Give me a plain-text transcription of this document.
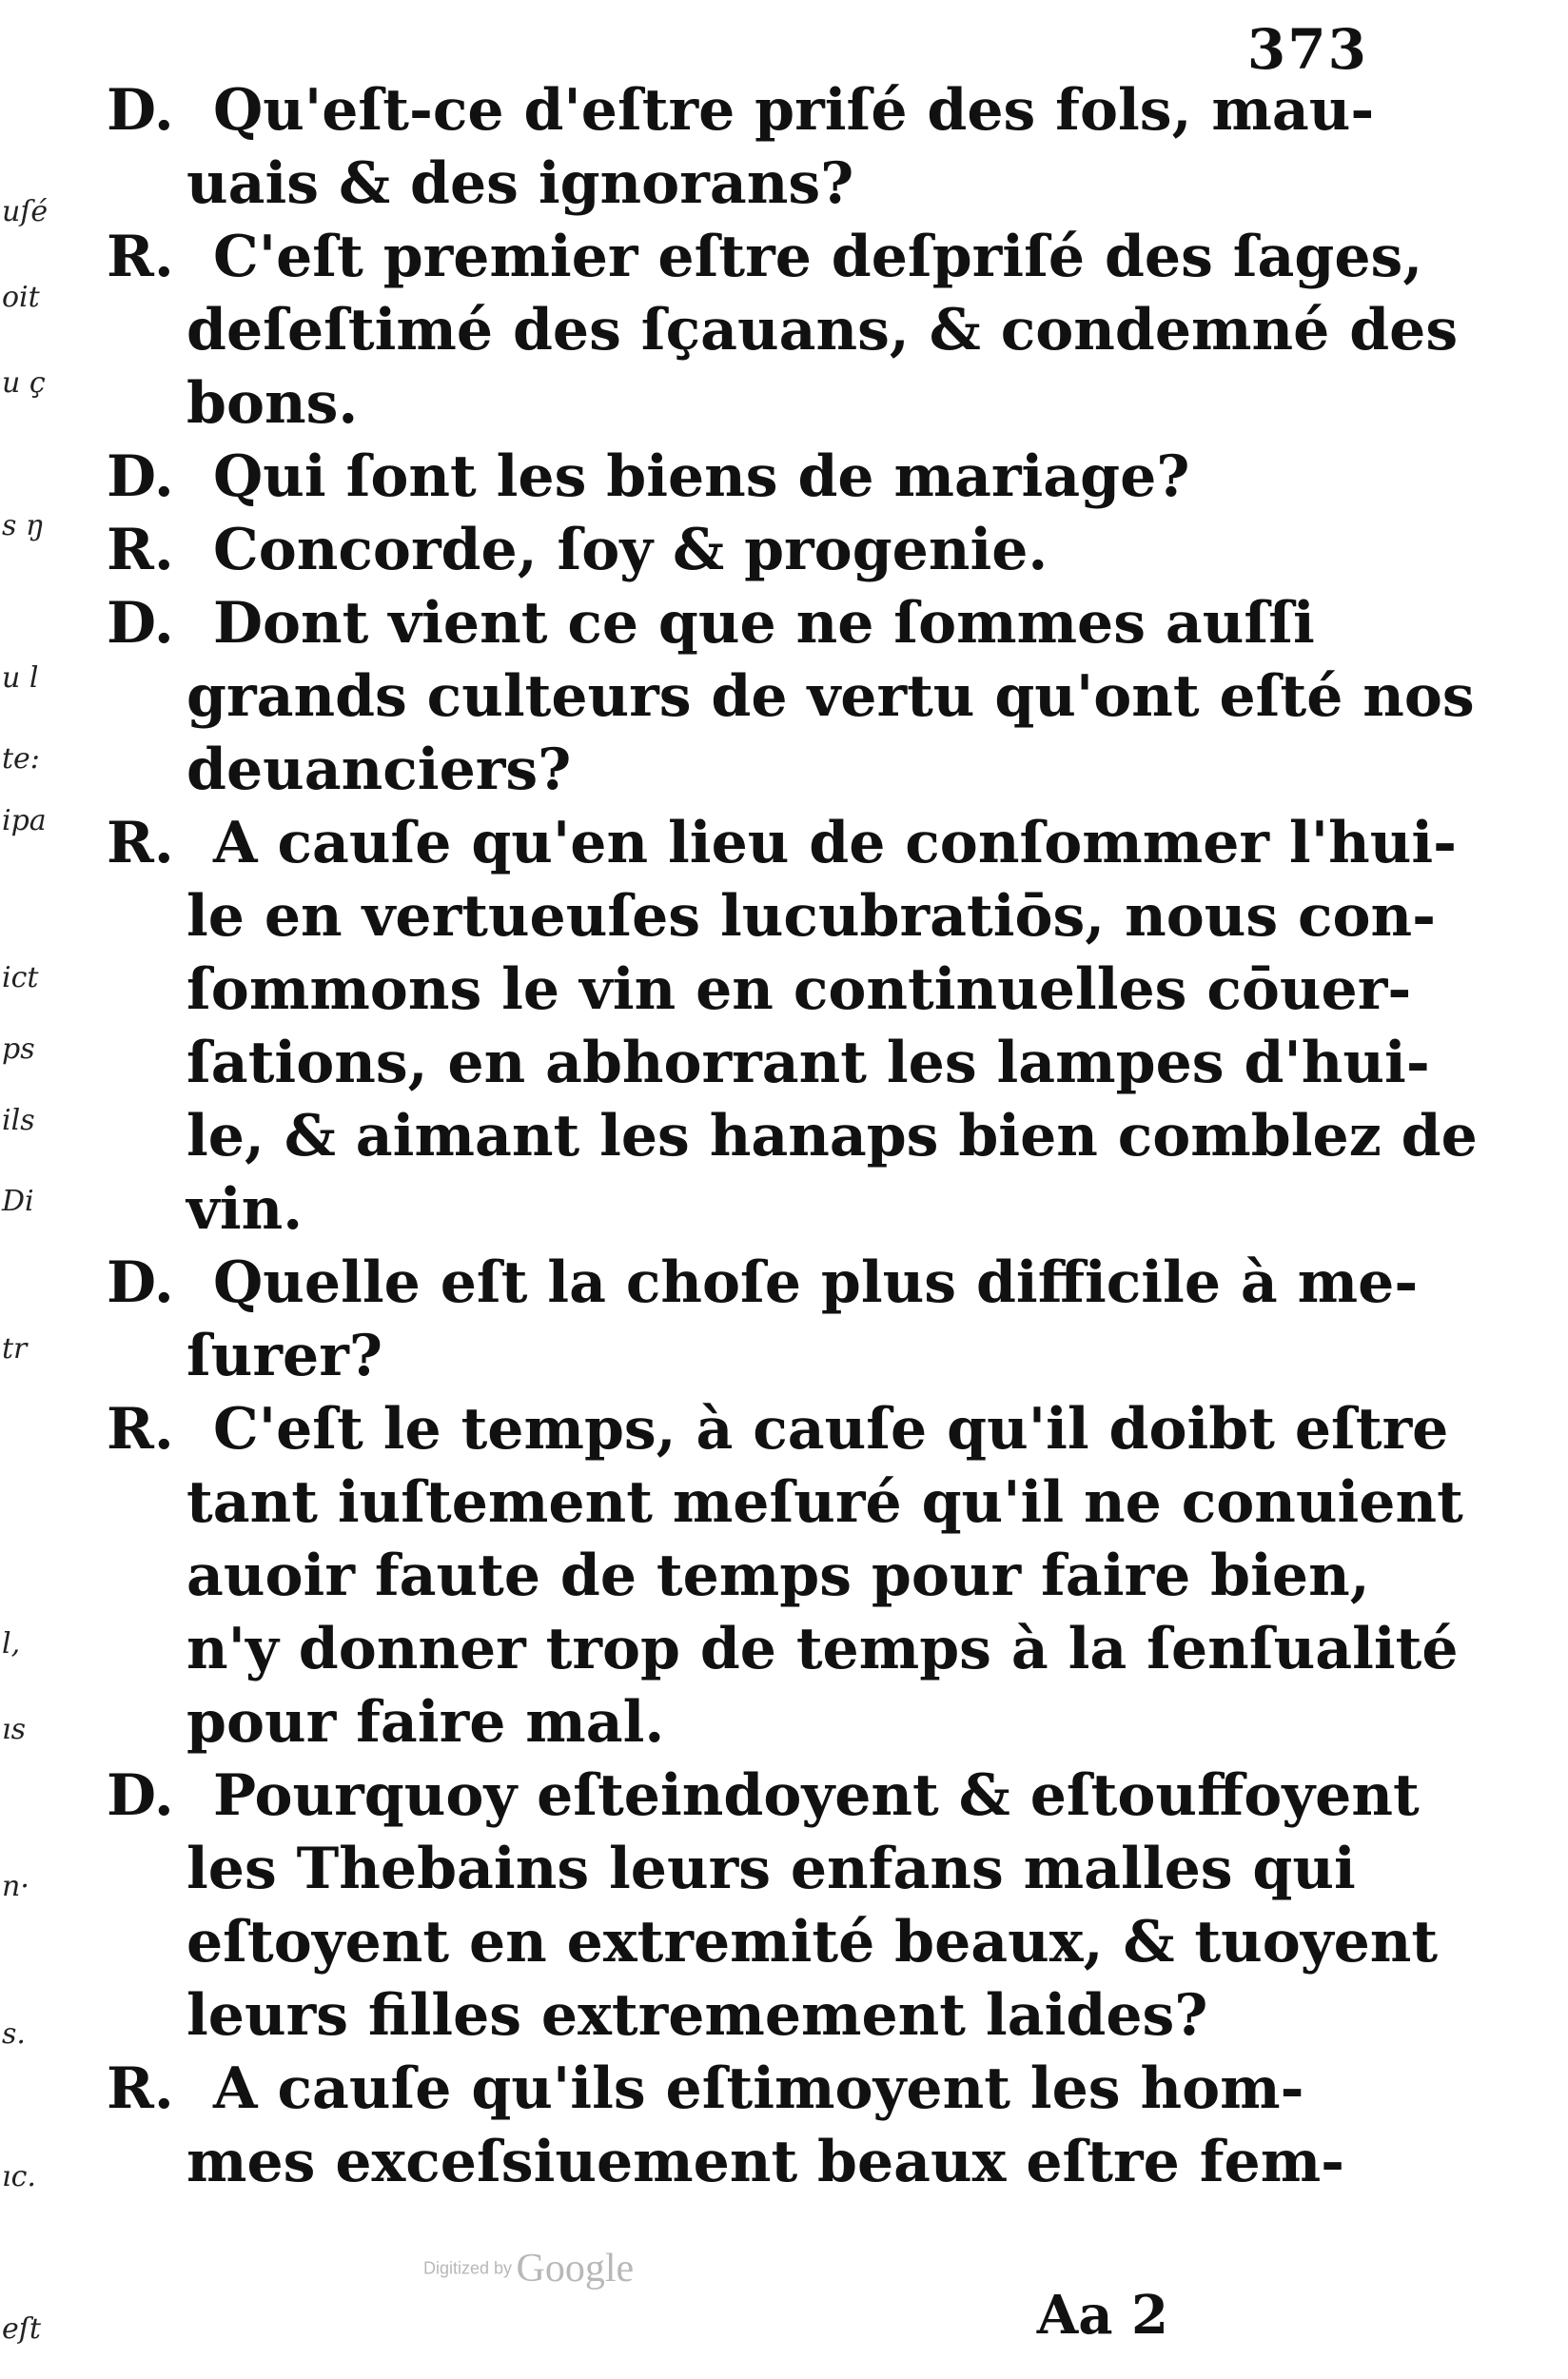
373
uſé
oit
u ç
s ŋ
u l
te:
ipa
ict
ps
ils
Di
tr
l,
ıs
n·
s.
ıc.
eſt
D. Qu'eſt-ce d'eſtre priſé des fols, mau-
uais & des ignorans?
R. C'eſt premier eſtre deſpriſé des ſages,
deſeſtimé des ſçauans, & condemné des
bons.
D. Qui ſont les biens de mariage?
R. Concorde, ſoy & progenie.
D. Dont vient ce que ne ſommes auſſi
grands culteurs de vertu qu'ont eſté nos
deuanciers?
R. A cauſe qu'en lieu de conſommer l'hui-
le en vertueuſes lucubratiōs, nous con-
ſommons le vin en continuelles cōuer-
ſations, en abhorrant les lampes d'hui-
le, & aimant les hanaps bien comblez de
vin.
D. Quelle eſt la choſe plus difficile à me-
ſurer?
R. C'eſt le temps, à cauſe qu'il doibt eſtre
tant iuſtement meſuré qu'il ne conuient
auoir faute de temps pour faire bien,
n'y donner trop de temps à la ſenſualité
pour faire mal.
D. Pourquoy eſteindoyent & eſtouffoyent
les Thebains leurs enfans malles qui
eſtoyent en extremité beaux, & tuoyent
leurs filles extremement laides?
R. A cauſe qu'ils eſtimoyent les hom-
mes exceſsiuement beaux eſtre fem-
Digitized by Google
Aa 2
